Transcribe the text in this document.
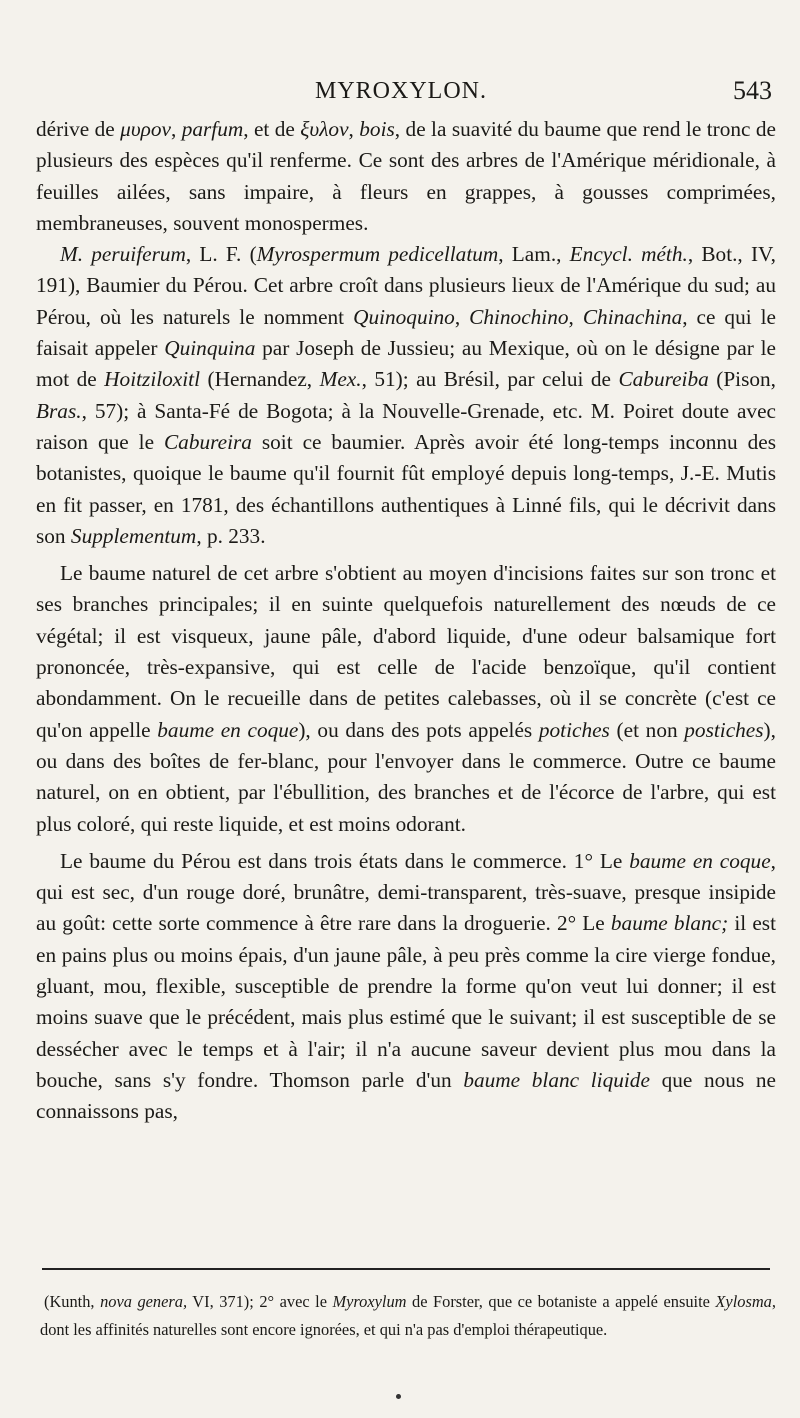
MYROXYLON.	543

dérive de μυρον, parfum, et de ξυλον, bois, de la suavité du baume que rend le tronc de plusieurs des espèces qu'il renferme. Ce sont des arbres de l'Amérique méridionale, à feuilles ailées, sans impaire, à fleurs en grappes, à gousses comprimées, membraneuses, souvent monospermes.

M. peruiferum, L. F. (Myrospermum pedicellatum, Lam., Encycl. méth., Bot., IV, 191), Baumier du Pérou. Cet arbre croît dans plusieurs lieux de l'Amérique du sud; au Pérou, où les naturels le nomment Quinoquino, Chinochino, Chinachina, ce qui le faisait appeler Quinquina par Joseph de Jussieu; au Mexique, où on le désigne par le mot de Hoitziloxitl (Hernandez, Mex., 51); au Brésil, par celui de Cabureiba (Pison, Bras., 57); à Santa-Fé de Bogota; à la Nouvelle-Grenade, etc. M. Poiret doute avec raison que le Cabureira soit ce baumier. Après avoir été long-temps inconnu des botanistes, quoique le baume qu'il fournit fût employé depuis long-temps, J.-E. Mutis en fit passer, en 1781, des échantillons authentiques à Linné fils, qui le décrivit dans son Supplementum, p. 233.

Le baume naturel de cet arbre s'obtient au moyen d'incisions faites sur son tronc et ses branches principales; il en suinte quelquefois naturellement des nœuds de ce végétal; il est visqueux, jaune pâle, d'abord liquide, d'une odeur balsamique fort prononcée, très-expansive, qui est celle de l'acide benzoïque, qu'il contient abondamment. On le recueille dans de petites calebasses, où il se concrète (c'est ce qu'on appelle baume en coque), ou dans des pots appelés potiches (et non postiches), ou dans des boîtes de fer-blanc, pour l'envoyer dans le commerce. Outre ce baume naturel, on en obtient, par l'ébullition, des branches et de l'écorce de l'arbre, qui est plus coloré, qui reste liquide, et est moins odorant.

Le baume du Pérou est dans trois états dans le commerce. 1° Le baume en coque, qui est sec, d'un rouge doré, brunâtre, demi-transparent, très-suave, presque insipide au goût: cette sorte commence à être rare dans la droguerie. 2° Le baume blanc; il est en pains plus ou moins épais, d'un jaune pâle, à peu près comme la cire vierge fondue, gluant, mou, flexible, susceptible de prendre la forme qu'on veut lui donner; il est moins suave que le précédent, mais plus estimé que le suivant; il est susceptible de se dessécher avec le temps et à l'air; il n'a aucune saveur devient plus mou dans la bouche, sans s'y fondre. Thomson parle d'un baume blanc liquide que nous ne connaissons pas,

(Kunth, nova genera, VI, 371); 2° avec le Myroxylum de Forster, que ce botaniste a appelé ensuite Xylosma, dont les affinités naturelles sont encore ignorées, et qui n'a pas d'emploi thérapeutique.
